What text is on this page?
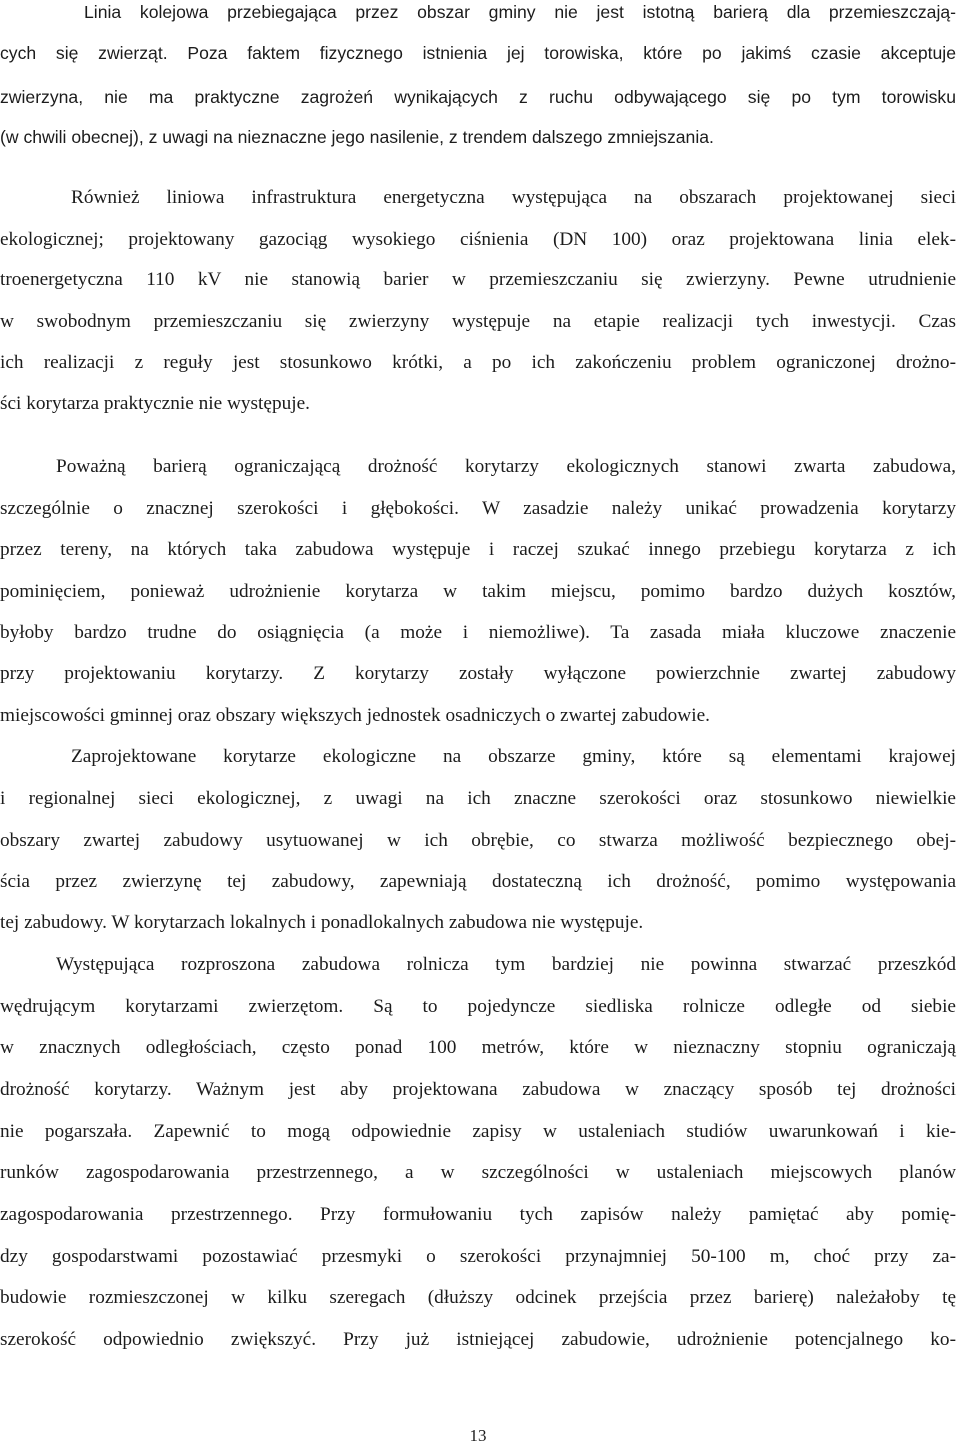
Linia kolejowa przebiegająca przez obszar gminy nie jest istotną barierą dla przemieszczają-
cych się zwierząt. Poza faktem fizycznego istnienia jej torowiska, które po jakimś czasie akceptuje
zwierzyna, nie ma praktyczne zagrożeń wynikających z ruchu odbywającego się po tym torowisku
(w chwili obecnej), z uwagi na nieznaczne jego nasilenie, z trendem dalszego zmniejszania.
Również liniowa infrastruktura energetyczna występująca na obszarach projektowanej sieci
ekologicznej; projektowany gazociąg wysokiego ciśnienia (DN 100) oraz projektowana linia elek-
troenergetyczna 110 kV nie stanowią barier w przemieszczaniu się zwierzyny. Pewne utrudnienie
w swobodnym przemieszczaniu się zwierzyny występuje na etapie realizacji tych inwestycji. Czas
ich realizacji z reguły jest stosunkowo krótki, a po ich zakończeniu problem ograniczonej drożno-
ści korytarza praktycznie nie występuje.
Poważną barierą ograniczającą drożność korytarzy ekologicznych stanowi zwarta zabudowa,
szczególnie o znacznej szerokości i głębokości. W zasadzie należy unikać prowadzenia korytarzy
przez tereny, na których taka zabudowa występuje i raczej szukać innego przebiegu korytarza z ich
pominięciem, ponieważ udrożnienie korytarza w takim miejscu, pomimo bardzo dużych kosztów,
byłoby bardzo trudne do osiągnięcia (a może i niemożliwe). Ta zasada miała kluczowe znaczenie
przy projektowaniu korytarzy. Z korytarzy zostały wyłączone powierzchnie zwartej zabudowy
miejscowości gminnej oraz obszary większych jednostek osadniczych o zwartej zabudowie.
Zaprojektowane korytarze ekologiczne na obszarze gminy, które są elementami krajowej
i regionalnej sieci ekologicznej, z uwagi na ich znaczne szerokości oraz stosunkowo niewielkie
obszary zwartej zabudowy usytuowanej w ich obrębie, co stwarza możliwość bezpiecznego obej-
ścia przez zwierzynę tej zabudowy, zapewniają dostateczną ich drożność, pomimo występowania
tej zabudowy. W korytarzach lokalnych i ponadlokalnych zabudowa nie występuje.
Występująca rozproszona zabudowa rolnicza tym bardziej nie powinna stwarzać przeszkód
wędrującym korytarzami zwierzętom. Są to pojedyncze siedliska rolnicze odległe od siebie
w znacznych odległościach, często ponad 100 metrów, które w nieznaczny stopniu ograniczają
drożność korytarzy. Ważnym jest aby projektowana zabudowa w znaczący sposób tej drożności
nie pogarszała. Zapewnić to mogą odpowiednie zapisy w ustaleniach studiów uwarunkowań i kie-
runków zagospodarowania przestrzennego, a w szczególności w ustaleniach miejscowych planów
zagospodarowania przestrzennego. Przy formułowaniu tych zapisów należy pamiętać aby pomię-
dzy gospodarstwami pozostawiać przesmyki o szerokości przynajmniej 50-100 m, choć przy za-
budowie rozmieszczonej w kilku szeregach (dłuższy odcinek przejścia przez barierę) należałoby tę
szerokość odpowiednio zwiększyć. Przy już istniejącej zabudowie, udrożnienie potencjalnego ko-
13
